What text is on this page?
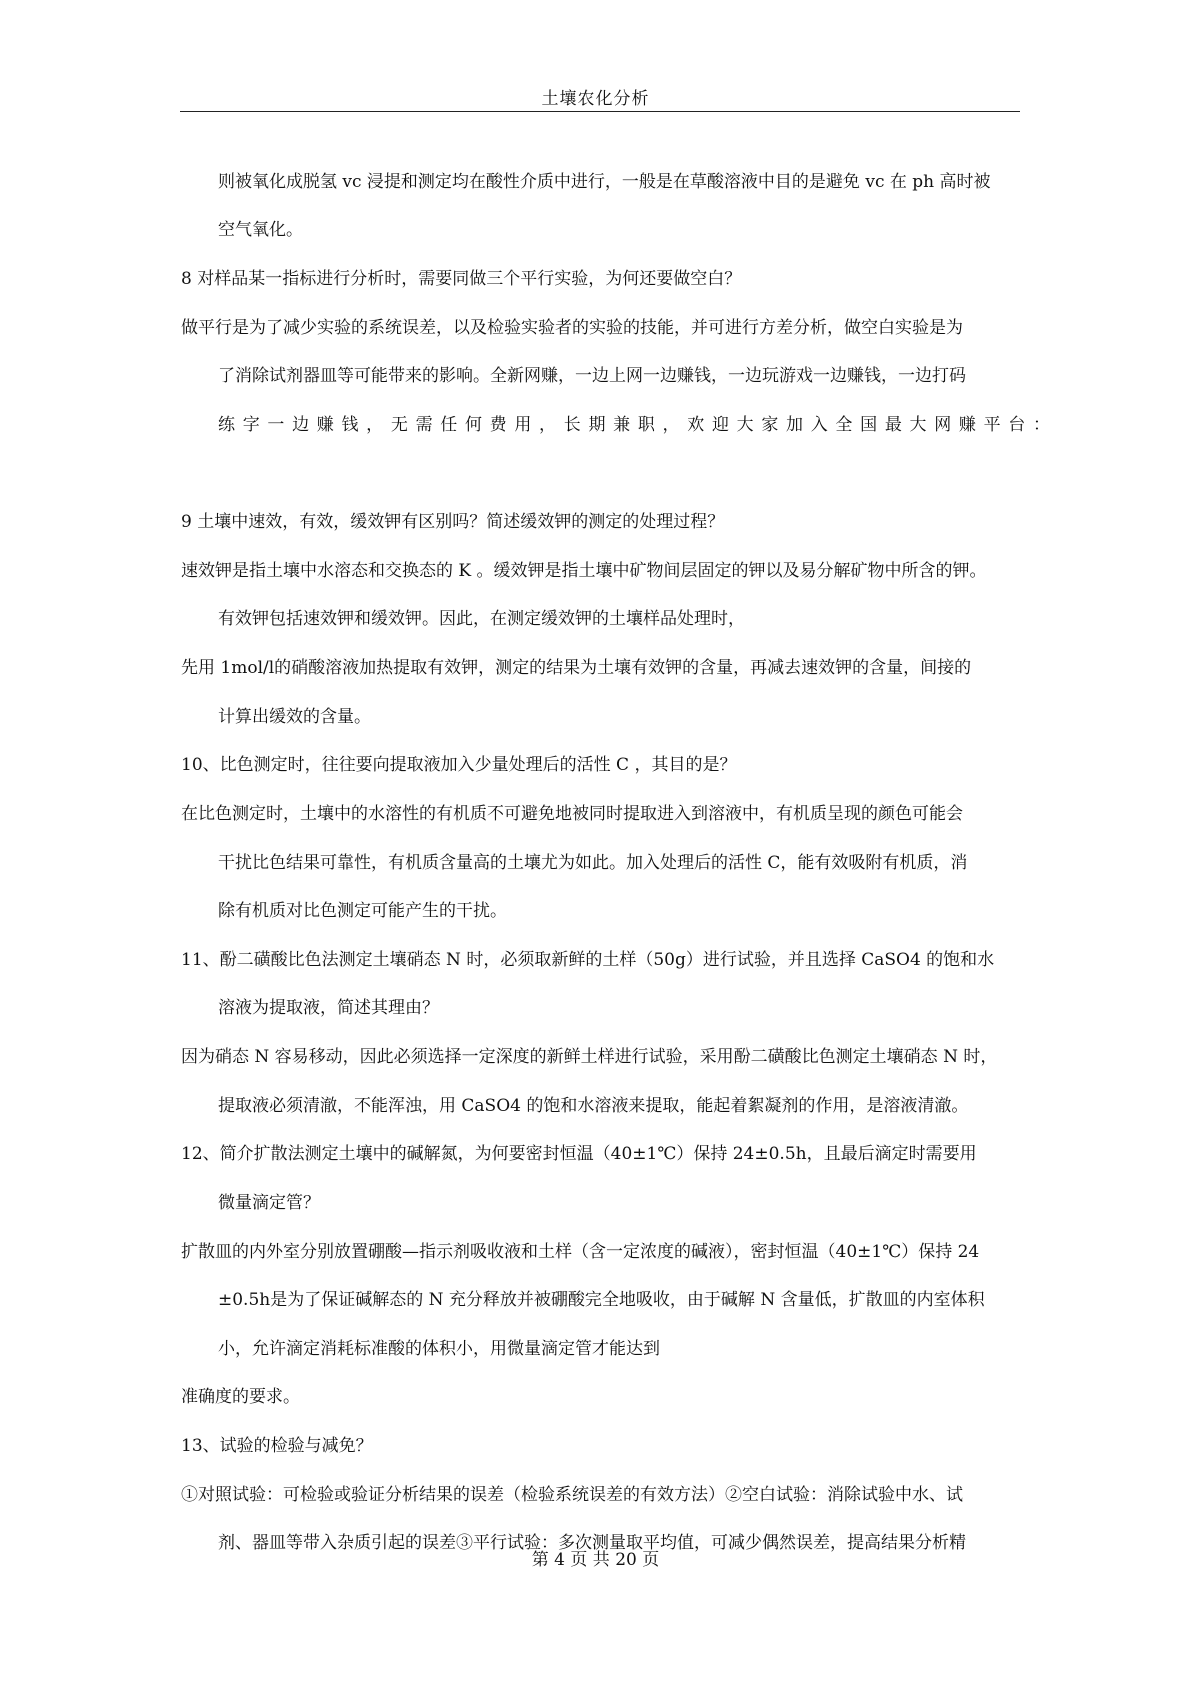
土壤农化分析
则被氧化成脱氢 vc 浸提和测定均在酸性介质中进行，一般是在草酸溶液中目的是避免 vc 在 ph 高时被
空气氧化。
8 对样品某一指标进行分析时，需要同做三个平行实验，为何还要做空白？
做平行是为了减少实验的系统误差，以及检验实验者的实验的技能，并可进行方差分析，做空白实验是为
了消除试剂器皿等可能带来的影响。全新网赚，一边上网一边赚钱，一边玩游戏一边赚钱，一边打码
练字一边赚钱，无需任何费用，长期兼职，欢迎大家加入全国最大网赚平台：
9 土壤中速效，有效，缓效钾有区别吗？简述缓效钾的测定的处理过程？
速效钾是指土壤中水溶态和交换态的 K 。缓效钾是指土壤中矿物间层固定的钾以及易分解矿物中所含的钾。
有效钾包括速效钾和缓效钾。因此，在测定缓效钾的土壤样品处理时，
先用 1mol/l的硝酸溶液加热提取有效钾，测定的结果为土壤有效钾的含量，再减去速效钾的含量，间接的
计算出缓效的含量。
10、比色测定时，往往要向提取液加入少量处理后的活性 C ，其目的是？
在比色测定时，土壤中的水溶性的有机质不可避免地被同时提取进入到溶液中，有机质呈现的颜色可能会
干扰比色结果可靠性，有机质含量高的土壤尤为如此。加入处理后的活性 C，能有效吸附有机质，消
除有机质对比色测定可能产生的干扰。
11、酚二磺酸比色法测定土壤硝态 N 时，必须取新鲜的土样（50g）进行试验，并且选择 CaSO4 的饱和水
溶液为提取液，简述其理由？
因为硝态 N 容易移动，因此必须选择一定深度的新鲜土样进行试验，采用酚二磺酸比色测定土壤硝态 N 时，
提取液必须清澈，不能浑浊，用 CaSO4 的饱和水溶液来提取，能起着絮凝剂的作用，是溶液清澈。
12、简介扩散法测定土壤中的碱解氮，为何要密封恒温（40±1℃）保持 24±0.5h，且最后滴定时需要用
微量滴定管？
扩散皿的内外室分别放置硼酸—指示剂吸收液和土样（含一定浓度的碱液），密封恒温（40±1℃）保持 24
±0.5h是为了保证碱解态的 N 充分释放并被硼酸完全地吸收，由于碱解 N 含量低，扩散皿的内室体积
小，允许滴定消耗标准酸的体积小，用微量滴定管才能达到
准确度的要求。
13、试验的检验与减免？
①对照试验：可检验或验证分析结果的误差（检验系统误差的有效方法）②空白试验：消除试验中水、试
剂、器皿等带入杂质引起的误差③平行试验：多次测量取平均值，可减少偶然误差，提高结果分析精
第 4 页 共 20 页
